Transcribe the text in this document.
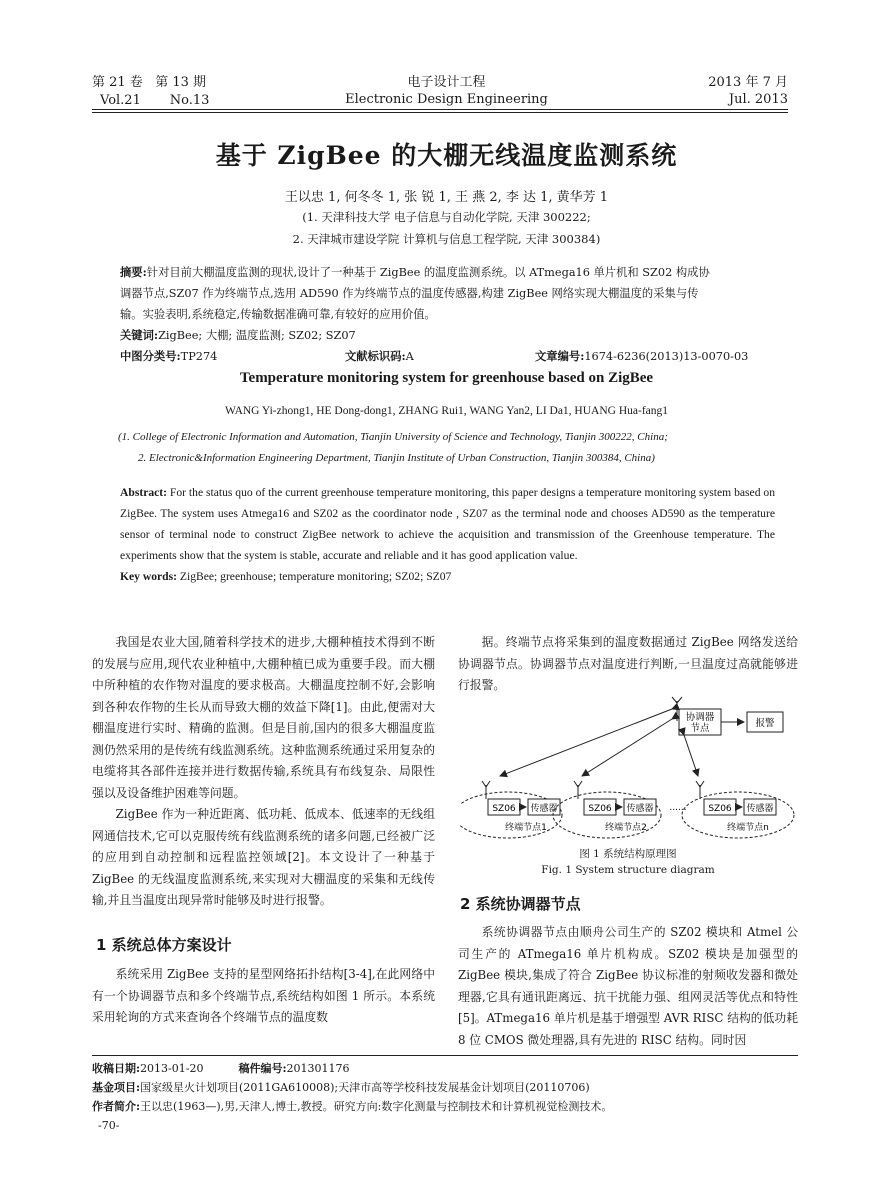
第 21 卷 第 13 期
Vol.21 No.13
电子设计工程
Electronic Design Engineering
2013 年 7 月
Jul. 2013
基于 ZigBee 的大棚无线温度监测系统
王以忠 1, 何冬冬 1, 张 锐 1, 王 燕 2, 李 达 1, 黄华芳 1
(1. 天津科技大学 电子信息与自动化学院, 天津 300222;
2. 天津城市建设学院 计算机与信息工程学院, 天津 300384)
摘要:针对目前大棚温度监测的现状,设计了一种基于 ZigBee 的温度监测系统。以 ATmega16 单片机和 SZ02 构成协
调器节点,SZ07 作为终端节点,选用 AD590 作为终端节点的温度传感器,构建 ZigBee 网络实现大棚温度的采集与传
输。实验表明,系统稳定,传输数据准确可靠,有较好的应用价值。
关键词:ZigBee; 大棚; 温度监测; SZ02; SZ07
中图分类号:TP274	文献标识码:A	文章编号:1674-6236(2013)13-0070-03
Temperature monitoring system for greenhouse based on ZigBee
WANG Yi-zhong1, HE Dong-dong1, ZHANG Rui1, WANG Yan2, LI Da1, HUANG Hua-fang1
(1. College of Electronic Information and Automation, Tianjin University of Science and Technology, Tianjin 300222, China;
2. Electronic&Information Engineering Department, Tianjin Institute of Urban Construction, Tianjin 300384, China)
Abstract: For the status quo of the current greenhouse temperature monitoring, this paper designs a temperature monitoring system based on ZigBee. The system uses Atmega16 and SZ02 as the coordinator node , SZ07 as the terminal node and chooses AD590 as the temperature sensor of terminal node to construct ZigBee network to achieve the acquisition and transmission of the Greenhouse temperature. The experiments show that the system is stable, accurate and reliable and it has good application value.
Key words: ZigBee; greenhouse; temperature monitoring; SZ02; SZ07

我国是农业大国,随着科学技术的进步,大棚种植技术得到不断的发展与应用,现代农业种植中,大棚种植已成为重要手段。而大棚中所种植的农作物对温度的要求极高。大棚温度控制不好,会影响到各种农作物的生长从而导致大棚的效益下降[1]。由此,便需对大棚温度进行实时、精确的监测。但是目前,国内的很多大棚温度监测仍然采用的是传统有线监测系统。这种监测系统通过采用复杂的电缆将其各部件连接并进行数据传输,系统具有布线复杂、局限性强以及设备维护困难等问题。

ZigBee 作为一种近距离、低功耗、低成本、低速率的无线组网通信技术,它可以克服传统有线监测系统的诸多问题,已经被广泛的应用到自动控制和远程监控领域[2]。本文设计了一种基于 ZigBee 的无线温度监测系统,来实现对大棚温度的采集和无线传输,并且当温度出现异常时能够及时进行报警。

1 系统总体方案设计

系统采用 ZigBee 支持的星型网络拓扑结构[3-4],在此网络中有一个协调器节点和多个终端节点,系统结构如图 1 所示。本系统采用轮询的方式来查询各个终端节点的温度数

据。终端节点将采集到的温度数据通过 ZigBee 网络发送给协调器节点。协调器节点对温度进行判断,一旦温度过高就能够进行报警。

协调器
节点	报警
SZ06 传感器
终端节点1
SZ06 传感器
终端节点2
...... SZ06 传感器
终端节点n
图 1 系统结构原理图
Fig. 1 System structure diagram
2 系统协调器节点

系统协调器节点由顺舟公司生产的 SZ02 模块和 Atmel 公司生产的 ATmega16 单片机构成。SZ02 模块是加强型的 ZigBee 模块,集成了符合 ZigBee 协议标准的射频收发器和微处理器,它具有通讯距离远、抗干扰能力强、组网灵活等优点和特性[5]。ATmega16 单片机是基于增强型 AVR RISC 结构的低功耗 8 位 CMOS 微处理器,具有先进的 RISC 结构。同时因

收稿日期:2013-01-20	稿件编号:201301176
基金项目:国家级星火计划项目(2011GA610008);天津市高等学校科技发展基金计划项目(20110706)
作者简介:王以忠(1963—),男,天津人,博士,教授。研究方向:数字化测量与控制技术和计算机视觉检测技术。
-70-
